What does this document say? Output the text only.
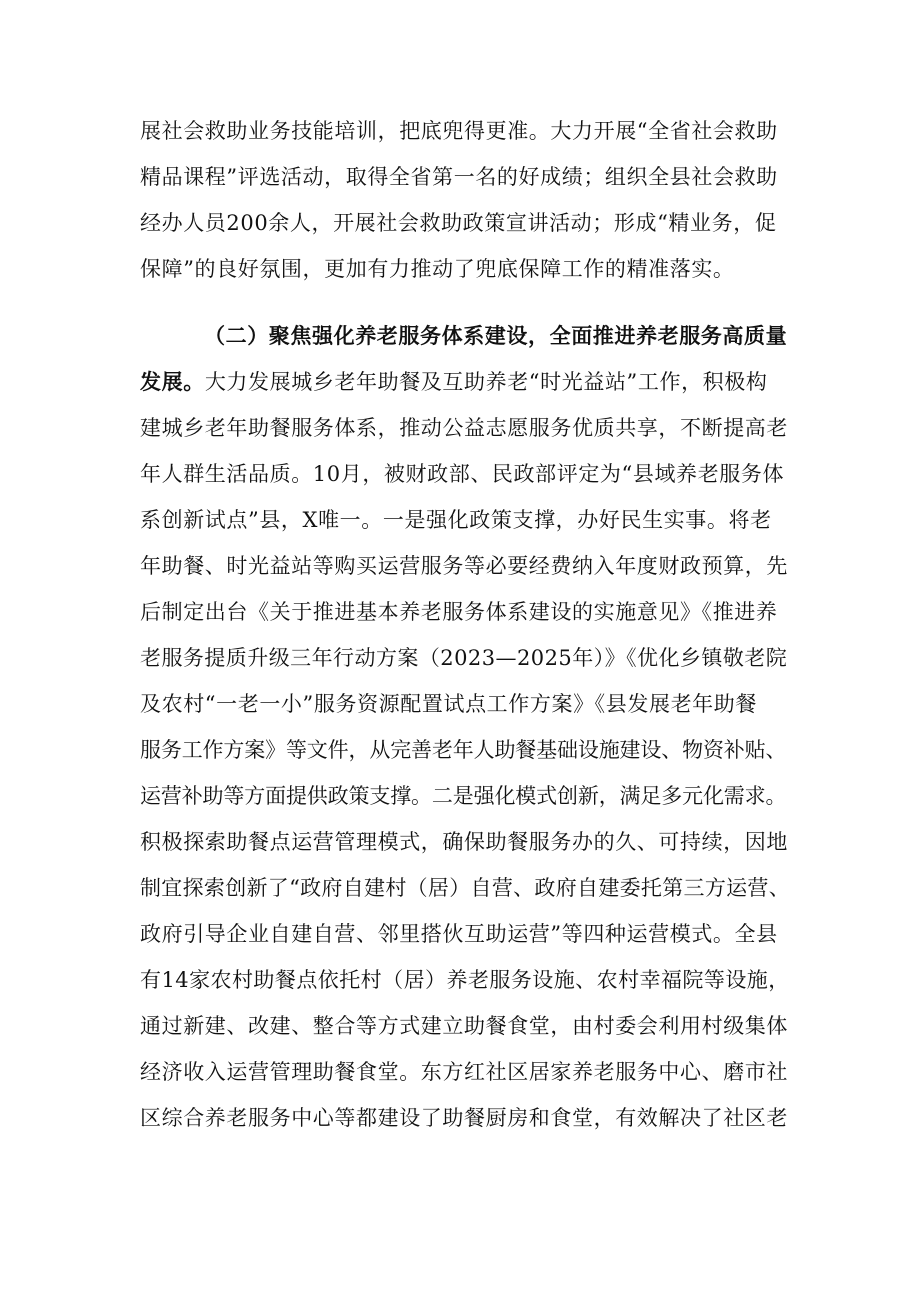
展社会救助业务技能培训，把底兜得更准。大力开展“全省社会救助
精品课程”评选活动，取得全省第一名的好成绩；组织全县社会救助
经办人员200余人，开展社会救助政策宣讲活动；形成“精业务，促
保障”的良好氛围，更加有力推动了兜底保障工作的精准落实。
（二）聚焦强化养老服务体系建设，全面推进养老服务高质量
发展。大力发展城乡老年助餐及互助养老“时光益站”工作，积极构
建城乡老年助餐服务体系，推动公益志愿服务优质共享，不断提高老
年人群生活品质。10月，被财政部、民政部评定为“县域养老服务体
系创新试点”县，X唯一。一是强化政策支撑，办好民生实事。将老
年助餐、时光益站等购买运营服务等必要经费纳入年度财政预算，先
后制定出台《关于推进基本养老服务体系建设的实施意见》《推进养
老服务提质升级三年行动方案（2023—2025年）》《优化乡镇敬老院
及农村“一老一小”服务资源配置试点工作方案》《县发展老年助餐
服务工作方案》等文件，从完善老年人助餐基础设施建设、物资补贴、
运营补助等方面提供政策支撑。二是强化模式创新，满足多元化需求。
积极探索助餐点运营管理模式，确保助餐服务办的久、可持续，因地
制宜探索创新了“政府自建村（居）自营、政府自建委托第三方运营、
政府引导企业自建自营、邻里搭伙互助运营”等四种运营模式。全县
有14家农村助餐点依托村（居）养老服务设施、农村幸福院等设施，
通过新建、改建、整合等方式建立助餐食堂，由村委会利用村级集体
经济收入运营管理助餐食堂。东方红社区居家养老服务中心、磨市社
区综合养老服务中心等都建设了助餐厨房和食堂，有效解决了社区老
